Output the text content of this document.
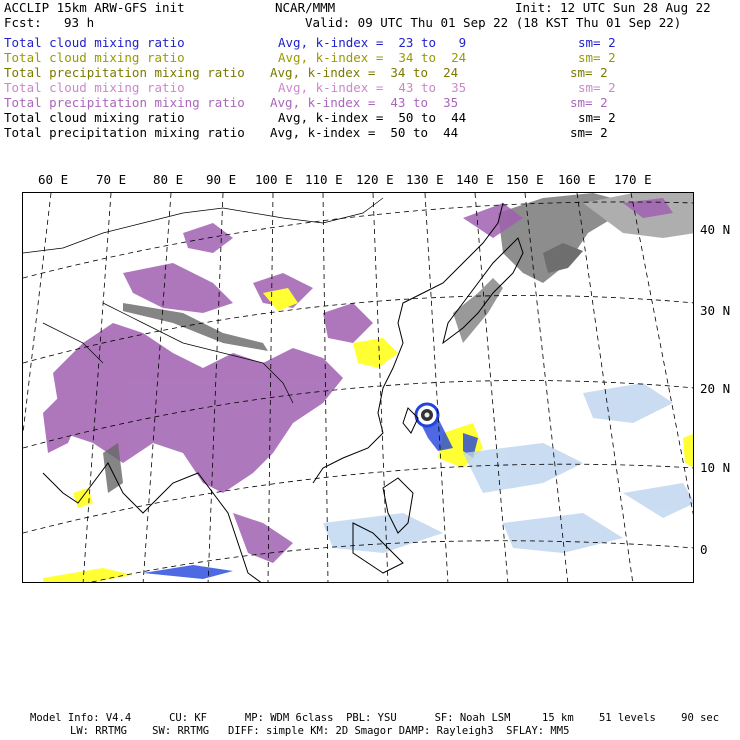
ACCLIP 15km ARW-GFS init	NCAR/MMM	Init: 12 UTC Sun 28 Aug 22
Fcst: 93 h	Valid: 09 UTC Thu 01 Sep 22 (18 KST Thu 01 Sep 22)
Total cloud mixing ratio	Avg, k-index =  23 to   9	sm= 2
Total cloud mixing ratio	Avg, k-index =  34 to  24	sm= 2
Total precipitation mixing ratio Avg, k-index =  34 to  24	sm= 2
Total cloud mixing ratio	Avg, k-index =  43 to  35	sm= 2
Total precipitation mixing ratio Avg, k-index =  43 to  35	sm= 2
Total cloud mixing ratio	Avg, k-index =  50 to  44	sm= 2
Total precipitation mixing ratio Avg, k-index =  50 to  44	sm= 2
60 E 70 E 80 E 90 E 100 E 110 E 120 E 130 E 140 E 150 E 160 E 170 E
40 N
30 N
20 N
10 N
0
Model Info: V4.4      CU: KF      MP: WDM 6class  PBL: YSU      SF: Noah LSM     15 km    51 levels    90 sec
LW: RRTMG    SW: RRTMG   DIFF: simple KM: 2D Smagor DAMP: Rayleigh3  SFLAY: MM5
